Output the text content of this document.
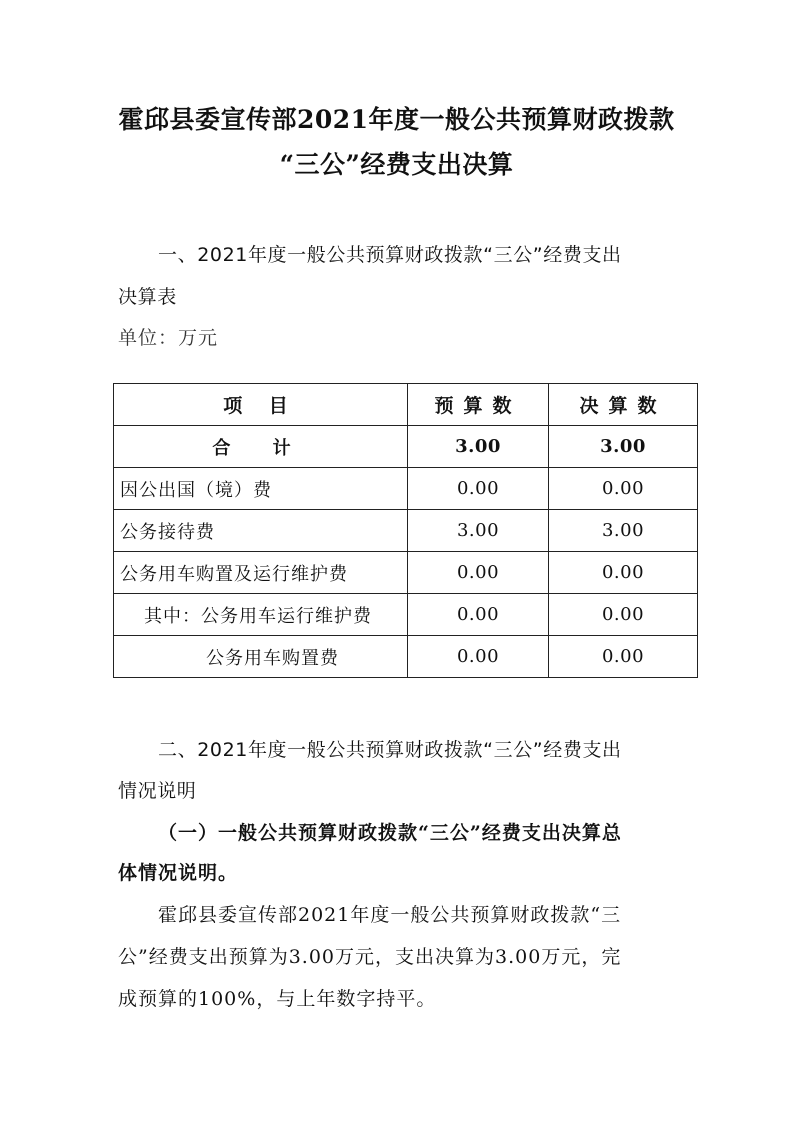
霍邱县委宣传部2021年度一般公共预算财政拨款
“三公”经费支出决算

一、2021年度一般公共预算财政拨款“三公”经费支出

决算表

单位：万元

项 目	预算数	决算数
合 计	3.00	3.00
因公出国（境）费	0.00	0.00
公务接待费	3.00	3.00
公务用车购置及运行维护费	0.00	0.00
其中：公务用车运行维护费	0.00	0.00
公务用车购置费	0.00	0.00

二、2021年度一般公共预算财政拨款“三公”经费支出

情况说明

（一）一般公共预算财政拨款“三公”经费支出决算总

体情况说明。

霍邱县委宣传部2021年度一般公共预算财政拨款“三

公”经费支出预算为3.00万元，支出决算为3.00万元，完

成预算的100%，与上年数字持平。
